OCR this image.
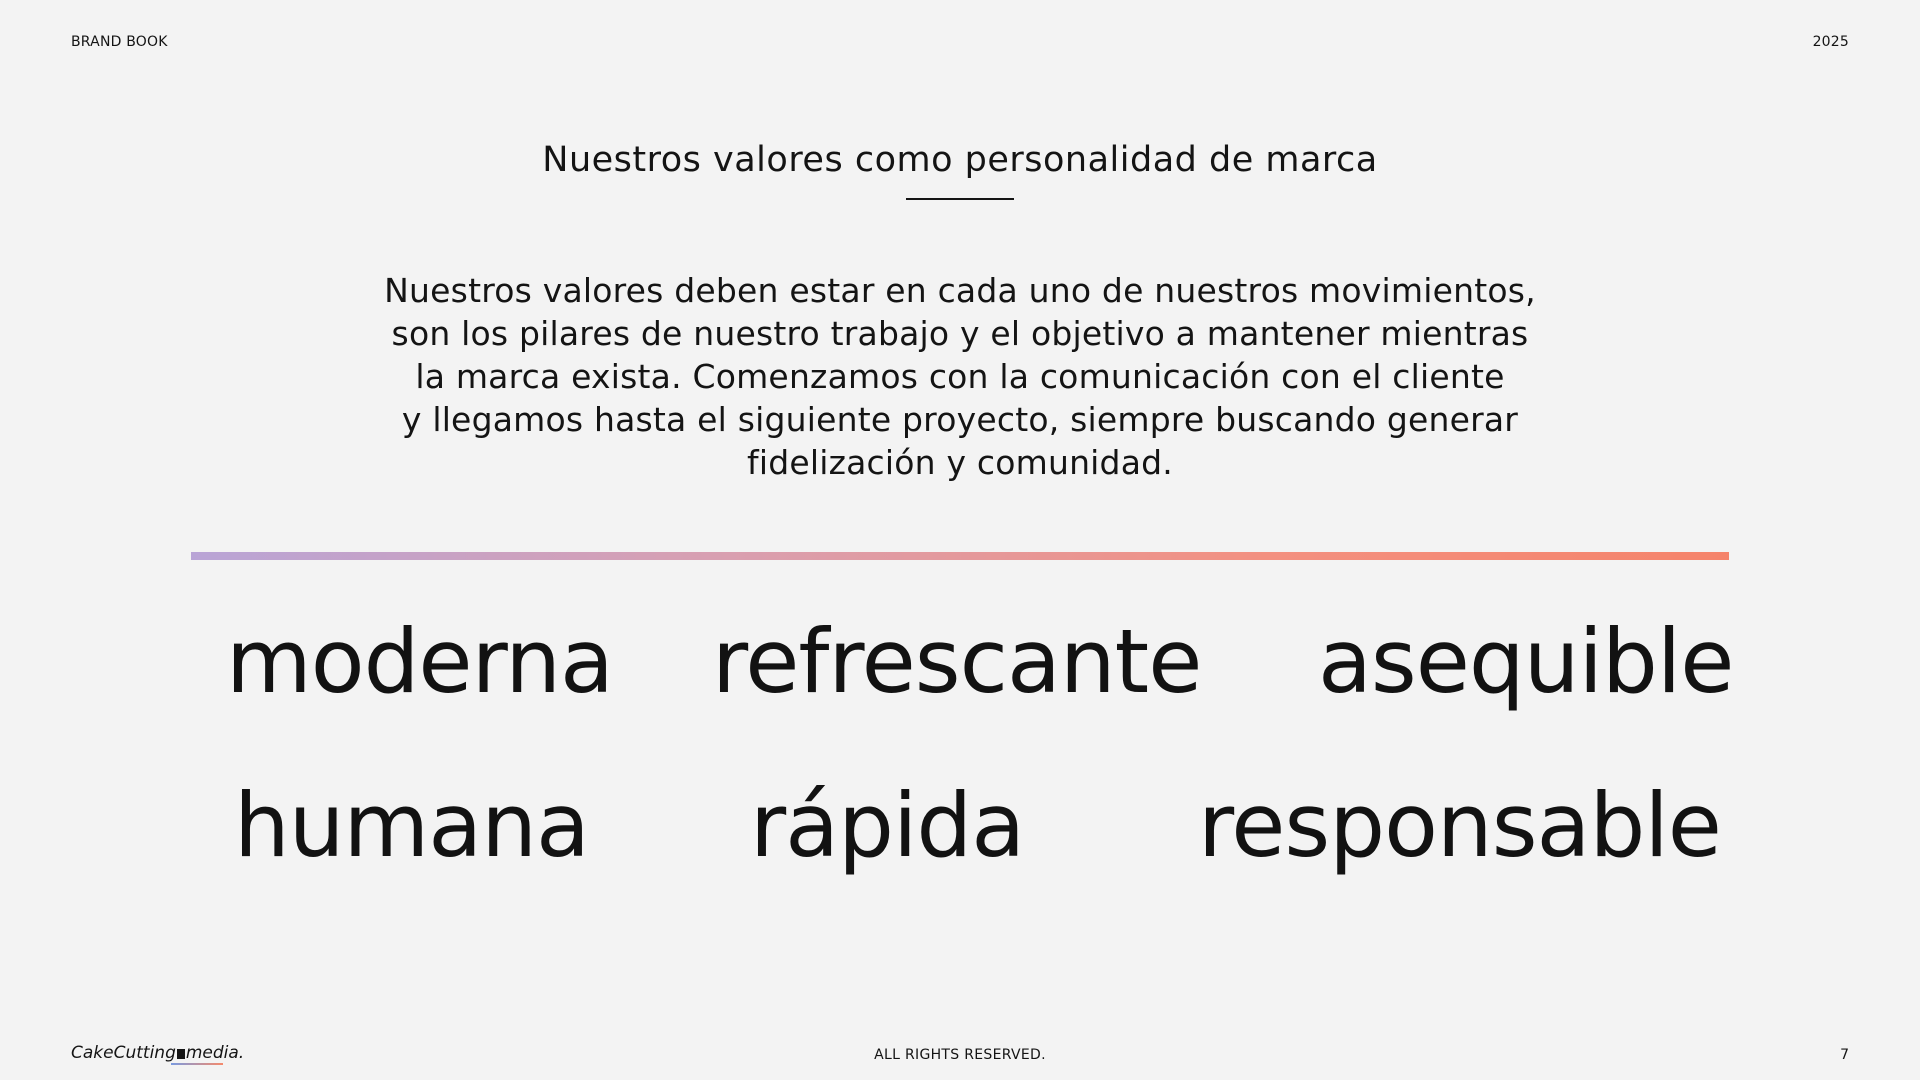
BRAND BOOK	2025
Nuestros valores como personalidad de marca

Nuestros valores deben estar en cada uno de nuestros movimientos,
son los pilares de nuestro trabajo y el objetivo a mantener mientras
la marca exista. Comenzamos con la comunicación con el cliente
y llegamos hasta el siguiente proyecto, siempre buscando generar
fidelización y comunidad.

moderna refrescante asequible
humana rápida responsable
CakeCutting media.	ALL RIGHTS RESERVED.	7
